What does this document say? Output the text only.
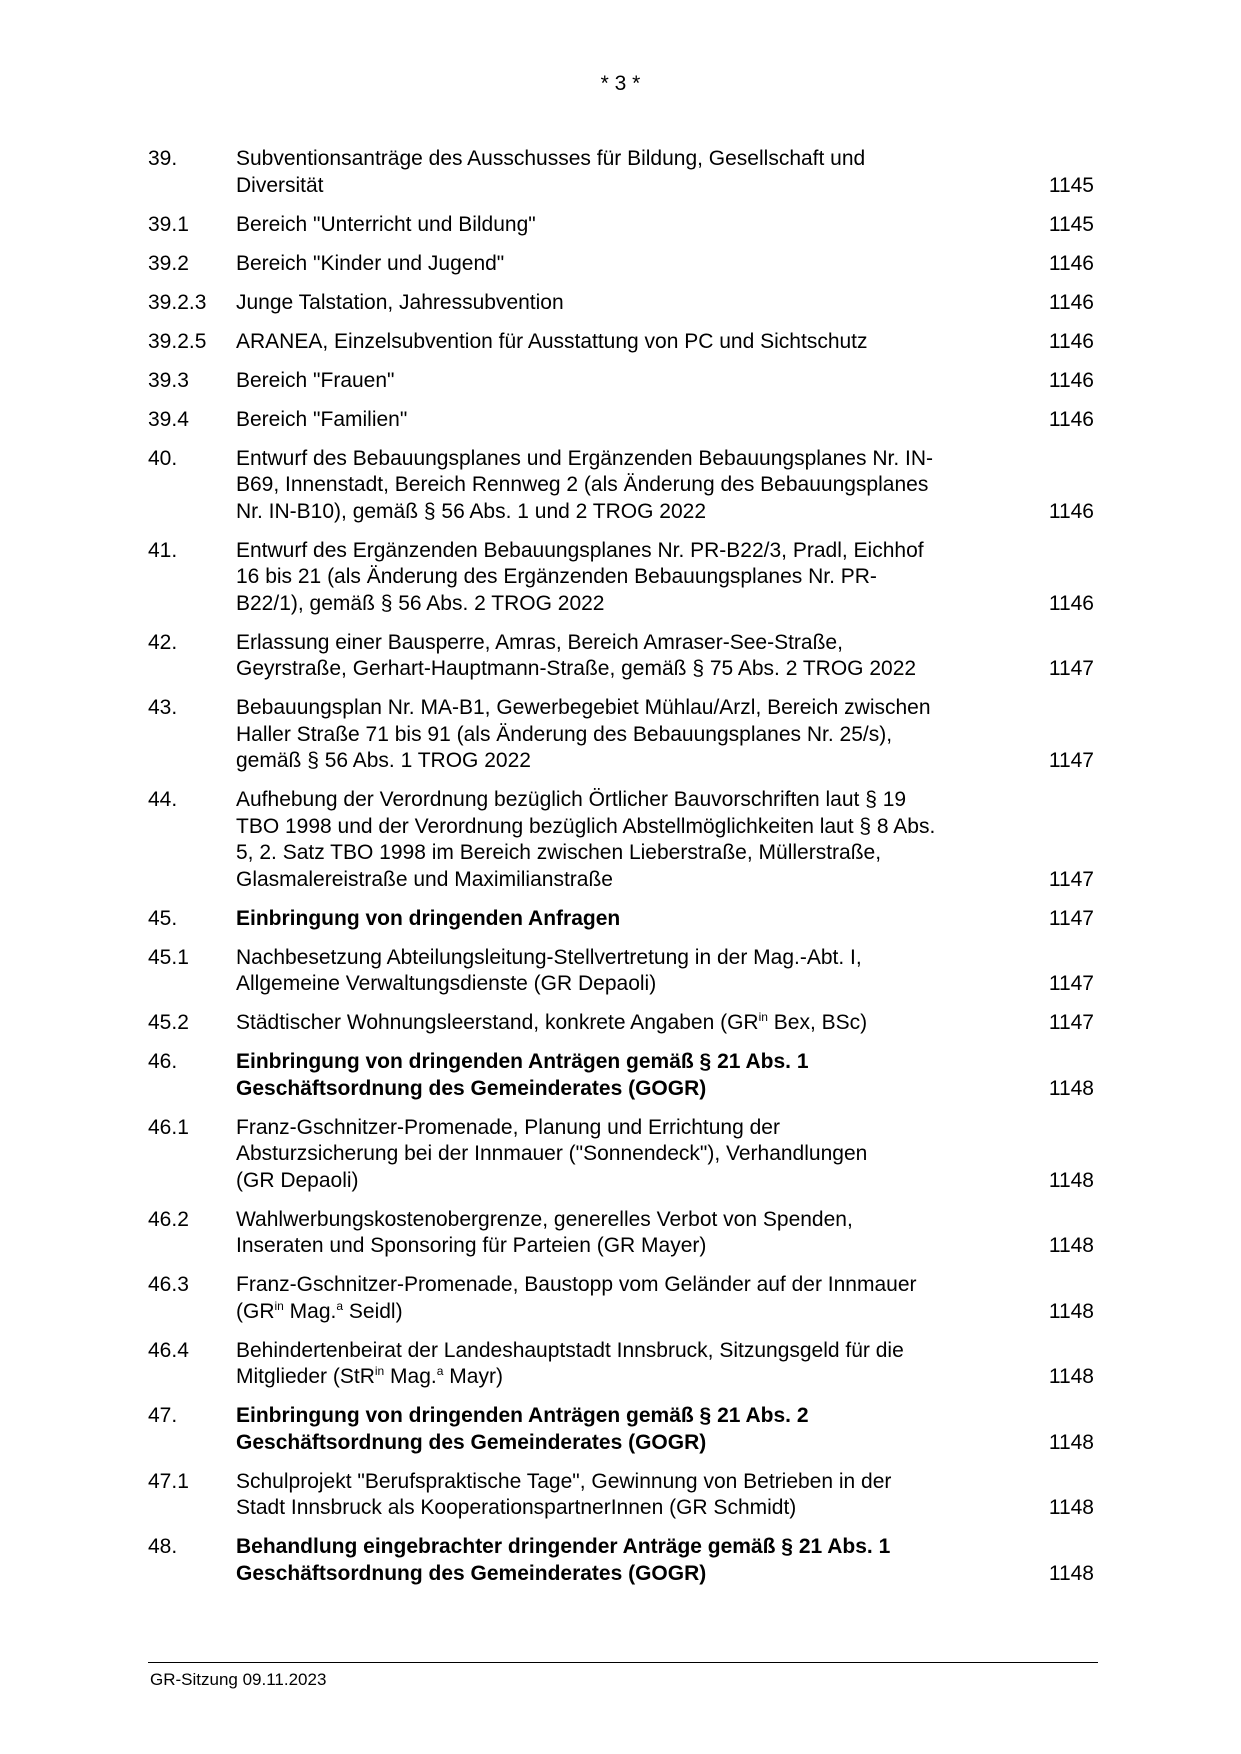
* 3 *
39.	Subventionsanträge des Ausschusses für Bildung, Gesellschaft und
Diversität	1145
39.1	Bereich "Unterricht und Bildung"	1145
39.2	Bereich "Kinder und Jugend"	1146
39.2.3	Junge Talstation, Jahressubvention	1146
39.2.5	ARANEA, Einzelsubvention für Ausstattung von PC und Sichtschutz	1146
39.3	Bereich "Frauen"	1146
39.4	Bereich "Familien"	1146
40.	Entwurf des Bebauungsplanes und Ergänzenden Bebauungsplanes Nr. IN-
B69, Innenstadt, Bereich Rennweg 2 (als Änderung des Bebauungsplanes
Nr. IN-B10), gemäß § 56 Abs. 1 und 2 TROG 2022	1146
41.	Entwurf des Ergänzenden Bebauungsplanes Nr. PR-B22/3, Pradl, Eichhof
16 bis 21 (als Änderung des Ergänzenden Bebauungsplanes Nr. PR-
B22/1), gemäß § 56 Abs. 2 TROG 2022	1146
42.	Erlassung einer Bausperre, Amras, Bereich Amraser-See-Straße,
Geyrstraße, Gerhart-Hauptmann-Straße, gemäß § 75 Abs. 2 TROG 2022	1147
43.	Bebauungsplan Nr. MA-B1, Gewerbegebiet Mühlau/Arzl, Bereich zwischen
Haller Straße 71 bis 91 (als Änderung des Bebauungsplanes Nr. 25/s),
gemäß § 56 Abs. 1 TROG 2022	1147
44.	Aufhebung der Verordnung bezüglich Örtlicher Bauvorschriften laut § 19
TBO 1998 und der Verordnung bezüglich Abstellmöglichkeiten laut § 8 Abs.
5, 2. Satz TBO 1998 im Bereich zwischen Lieberstraße, Müllerstraße,
Glasmalereistraße und Maximilianstraße	1147
45.	Einbringung von dringenden Anfragen	1147
45.1	Nachbesetzung Abteilungsleitung-Stellvertretung in der Mag.-Abt. I,
Allgemeine Verwaltungsdienste (GR Depaoli)	1147
45.2	Städtischer Wohnungsleerstand, konkrete Angaben ($GR^{in}$ Bex, BSc)	1147
46.	Einbringung von dringenden Anträgen gemäß § 21 Abs. 1
Geschäftsordnung des Gemeinderates (GOGR)	1148
46.1	Franz-Gschnitzer-Promenade, Planung und Errichtung der
Absturzsicherung bei der Innmauer ("Sonnendeck"), Verhandlungen
(GR Depaoli)	1148
46.2	Wahlwerbungskostenobergrenze, generelles Verbot von Spenden,
Inseraten und Sponsoring für Parteien (GR Mayer)	1148
46.3	Franz-Gschnitzer-Promenade, Baustopp vom Geländer auf der Innmauer
($GR^{in}$ Mag.$^a$ Seidl)	1148
46.4	Behindertenbeirat der Landeshauptstadt Innsbruck, Sitzungsgeld für die
Mitglieder (StR$^{in}$ Mag.$^a$ Mayr)	1148
47.	Einbringung von dringenden Anträgen gemäß § 21 Abs. 2
Geschäftsordnung des Gemeinderates (GOGR)	1148
47.1	Schulprojekt "Berufspraktische Tage", Gewinnung von Betrieben in der
Stadt Innsbruck als KooperationspartnerInnen (GR Schmidt)	1148
48.	Behandlung eingebrachter dringender Anträge gemäß § 21 Abs. 1
Geschäftsordnung des Gemeinderates (GOGR)	1148
GR-Sitzung 09.11.2023
